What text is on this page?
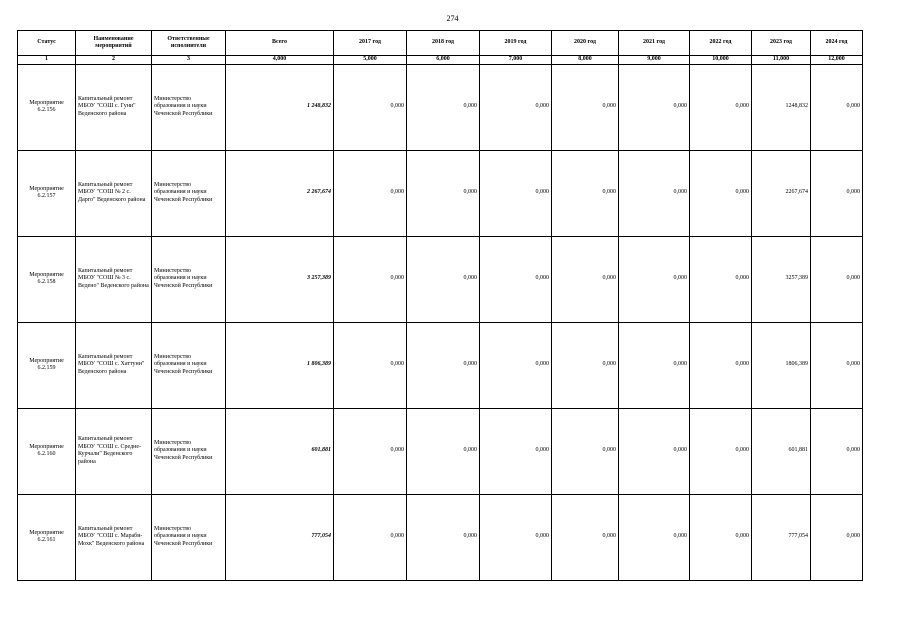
274
Статус	Наименование мероприятий	Ответственные исполнители	Всего	2017 год	2018 год	2019 год	2020 год	2021 год	2022 год	2023 год	2024 год
1	2	3	4,000	5,000	6,000	7,000	8,000	9,000	10,000	11,000	12,000
Мероприятие 6.2.156	Капитальный ремонт МБОУ "СОШ с. Гуни" Веденского района	Министерство образования и науки Чеченской Республики	1 248,832	0,000	0,000	0,000	0,000	0,000	0,000	1248,832	0,000
Мероприятие 6.2.157	Капитальный ремонт МБОУ "СОШ № 2 с. Дарго" Веденского района	Министерство образования и науки Чеченской Республики	2 267,674	0,000	0,000	0,000	0,000	0,000	0,000	2267,674	0,000
Мероприятие 6.2.158	Капитальный ремонт МБОУ "СОШ № 3 с. Ведено" Веденского района	Министерство образования и науки Чеченской Республики	3 257,389	0,000	0,000	0,000	0,000	0,000	0,000	3257,389	0,000
Мероприятие 6.2.159	Капитальный ремонт МБОУ "СОШ с. Хаттуни" Веденского района	Министерство образования и науки Чеченской Республики	1 806,389	0,000	0,000	0,000	0,000	0,000	0,000	1806,389	0,000
Мероприятие 6.2.160	Капитальный ремонт МБОУ "СОШ с. Средне-Курчали" Веденского района	Министерство образования и науки Чеченской Республики	601,881	0,000	0,000	0,000	0,000	0,000	0,000	601,881	0,000
Мероприятие 6.2.161	Капитальный ремонт МБОУ "СОШ с. Мараби-Мохк" Веденского района	Министерство образования и науки Чеченской Республики	777,054	0,000	0,000	0,000	0,000	0,000	0,000	777,054	0,000
